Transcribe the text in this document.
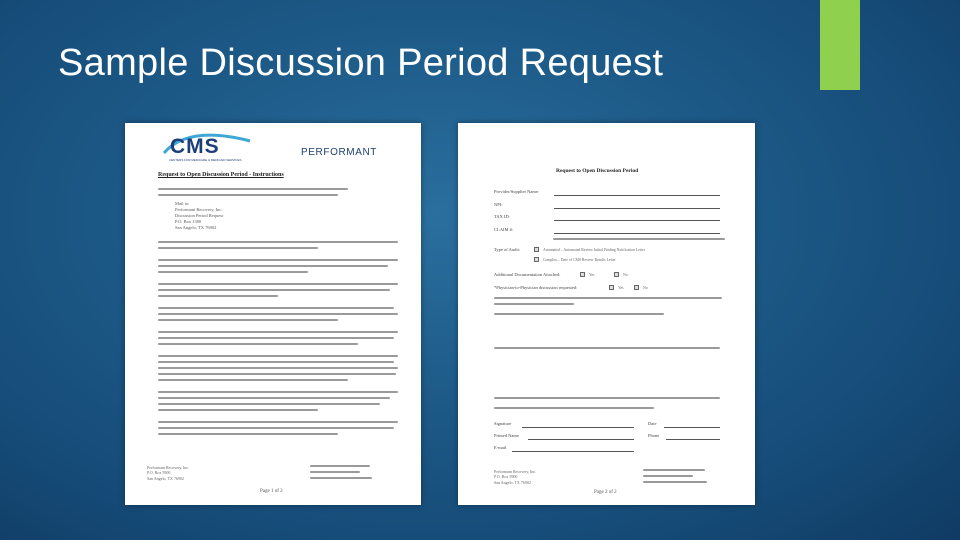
Sample Discussion Period Request
CMS
CENTERS FOR MEDICARE & MEDICAID SERVICES
PERFORMANT
Request to Open Discussion Period - Instructions
Mail to:
Performant Recovery, Inc.
Discussion Period Request
P.O. Box 1300
San Angelo, TX 76902
Performant Recovery, Inc.
P.O. Box 5900
San Angelo, TX 76902
Page 1 of 2
Request to Open Discussion Period
Provider/Supplier Name:
NPI:
TAX ID:
CLAIM #:
Type of Audit:	Automated – Automated Review Initial Finding Notification Letter
Complex – Date of CMS Review Results Letter
Additional Documentation Attached:	Yes	No
*Physician-to-Physician discussion requested:	Yes	No
Signature	Date
Printed Name	Phone
E-mail
Performant Recovery, Inc.
P.O. Box 5900
San Angelo, TX 76902
Page 2 of 2
